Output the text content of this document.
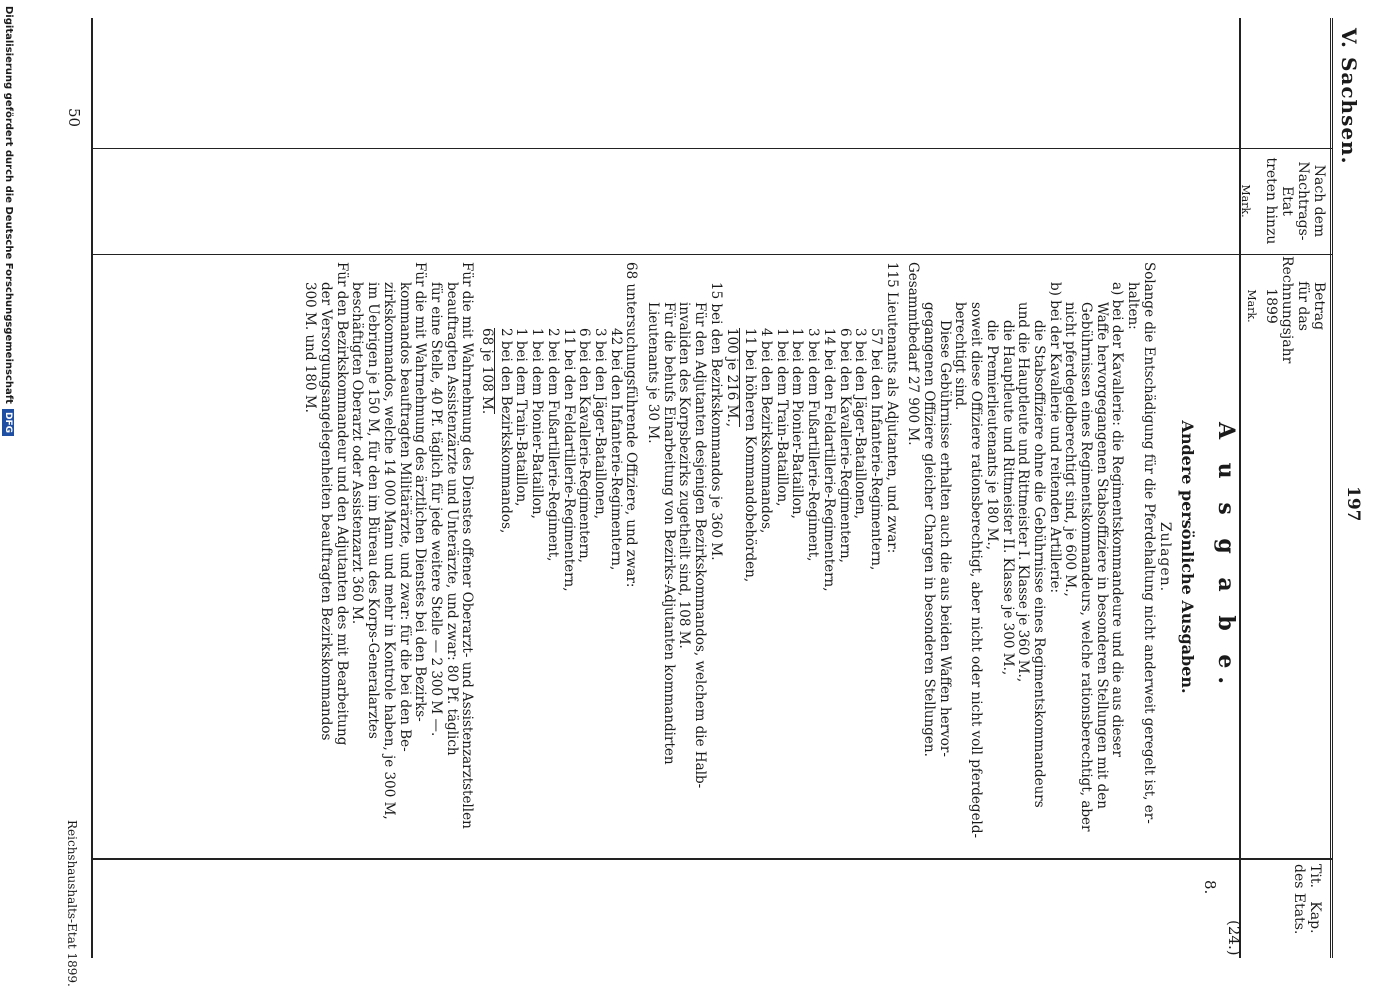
V. Sachsen.
197
Nach dem
Nachtrags-Etat
treten hinzu
Mark.
Betrag
für das
Rechnungsjahr
1899
Mark.
Tit.   Kap.
des Etats.
8.
(24.)
A u s g a b e.
Andere persönliche Ausgaben.
Zulagen.

Solange die Entschädigung für die Pferdehaltung nicht anderweit geregelt ist, er-

halten:

a) bei der Kavallerie: die Regimentskommandeure und die aus dieser

Waffe hervorgegangenen Stabsoffiziere in besonderen Stellungen mit den

Gebührnissen eines Regimentskommandeurs, welche rationsberechtigt, aber

nicht pferdegeldberechtigt sind, je 600 M.,

b) bei der Kavallerie und reitenden Artillerie:

die Stabsoffiziere ohne die Gebührnisse eines Regimentskommandeurs

und die Hauptleute und Rittmeister I. Klasse je 360 M.,

die Hauptleute und Rittmeister II. Klasse je 300 M.,

die Premierlieutenants je 180 M.,

soweit diese Offiziere rationsberechtigt, aber nicht oder nicht voll pferdegeld-

berechtigt sind.

Diese Gebührnisse erhalten auch die aus beiden Waffen hervor-

gegangenen Offiziere gleicher Chargen in besonderen Stellungen.

Gesammtbedarf 27 900 M.

115 Lieutenants als Adjutanten, und zwar:

57 bei den Infanterie-Regimentern,

3 bei den Jäger-Bataillonen,

6 bei den Kavallerie-Regimentern,

14 bei den Feldartillerie-Regimentern,

3 bei dem Fußartillerie-Regiment,

1 bei dem Pionier-Bataillon,

1 bei dem Train-Bataillon,

4 bei den Bezirkskommandos,

11 bei höheren Kommandobehörden,

100 je 216 M.,

15 bei den Bezirkskommandos je 360 M.

Für den Adjutanten desjenigen Bezirkskommandos, welchem die Halb-

invaliden des Korpsbezirks zugetheilt sind, 108 M.

Für die behufs Einarbeitung von Bezirks-Adjutanten kommandirten

Lieutenants je 30 M.

68 untersuchungsführende Offiziere, und zwar:

42 bei den Infanterie-Regimentern,

3 bei den Jäger-Bataillonen,

6 bei den Kavallerie-Regimentern,

11 bei den Feldartillerie-Regimentern,

2 bei dem Fußartillerie-Regiment,

1 bei dem Pionier-Bataillon,

1 bei dem Train-Bataillon,

2 bei den Bezirkskommandos,

68 je 108 M.

Für die mit Wahrnehmung des Dienstes offener Oberarzt- und Assistenzarztstellen

beauftragten Assistenzärzte und Unterärzte, und zwar: 80 Pf. täglich

für eine Stelle, 40 Pf. täglich für jede weitere Stelle — 2 300 M —.

Für die mit Wahrnehmung des ärztlichen Dienstes bei den Bezirks-

kommandos beauftragten Militärärzte, und zwar: für die bei den Be-

zirkskommandos, welche 14 000 Mann und mehr in Kontrole haben, je 300 M,

im Uebrigen je 150 M, für den im Büreau des Korps-Generalarztes

beschäftigten Oberarzt oder Assistenzarzt 360 M.

Für den Bezirkskommandeur und den Adjutanten des mit Bearbeitung

der Versorgungsangelegenheiten beauftragten Bezirkskommandos

300 M. und 180 M.

50
Reichshaushalts-Etat 1899.
Digitalisierung gefördert durch die Deutsche Forschungsgemeinschaft DFG
